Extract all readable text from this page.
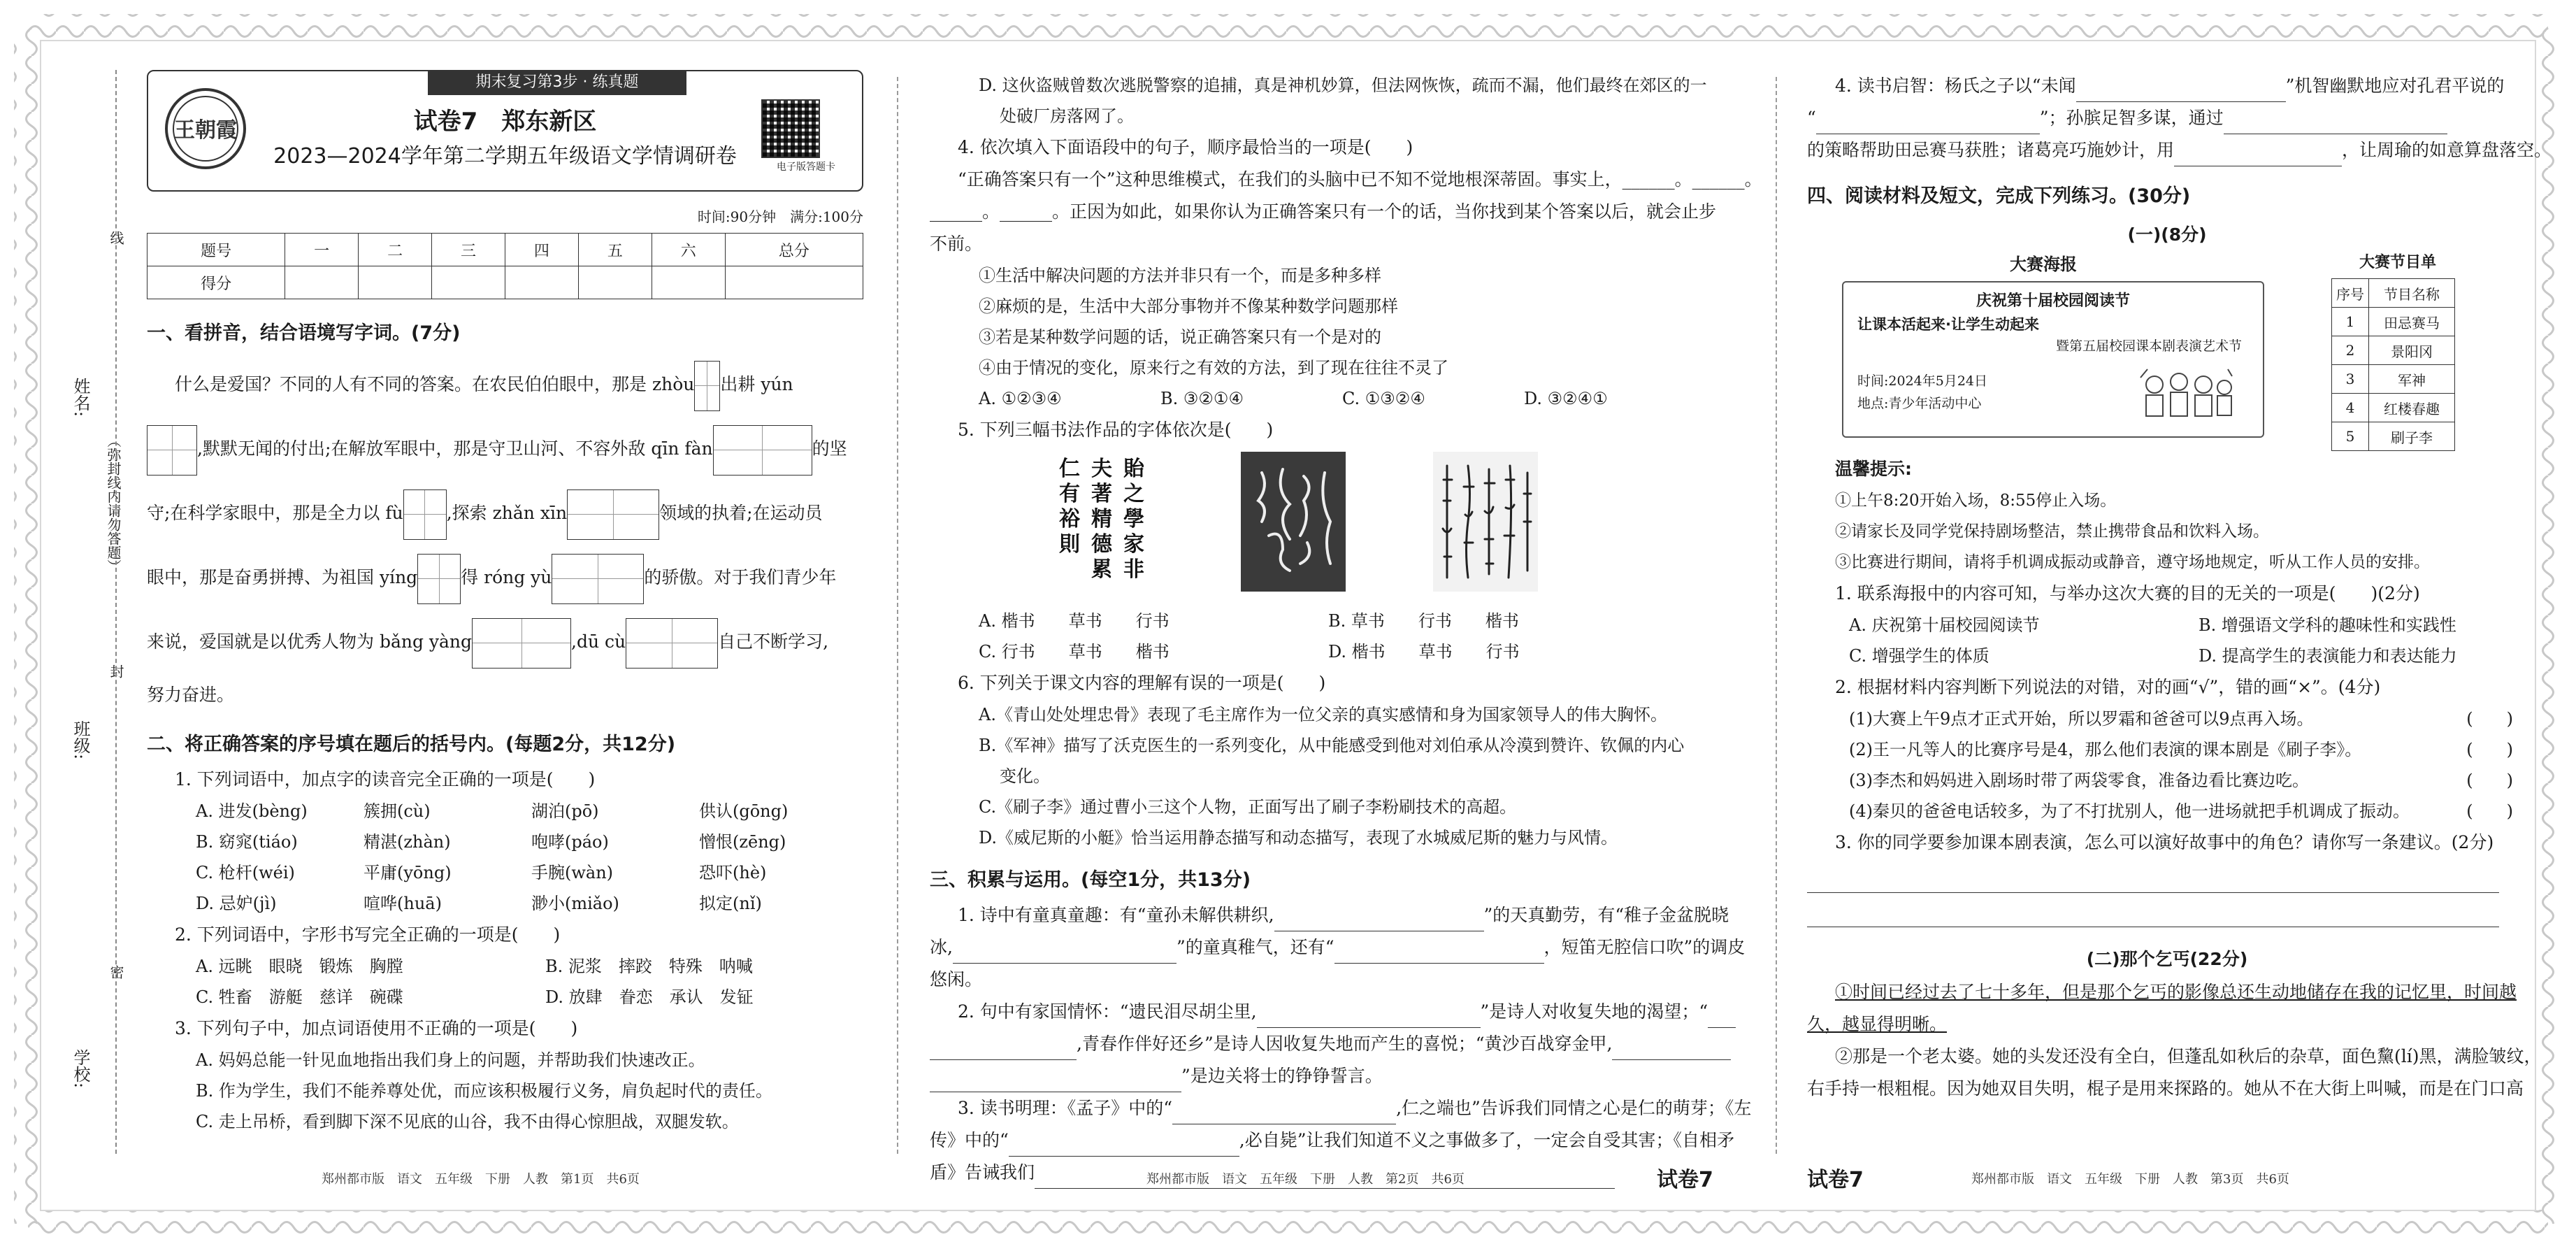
姓名:
班级:
学校:
（弥封线内请勿答题）
线
封
密
期末复习第3步 · 练真题
王朝霞	试卷7　郑东新区
2023—2024学年第二学期五年级语文学情调研卷	电子版答题卡
时间:90分钟　满分:100分
题号	一	二	三	四	五	六	总分
得分							
一、看拼音，结合语境写字词。(7分)
什么是爱国？不同的人有不同的答案。在农民伯伯眼中，那是 zhòu 出耕 yún
,默默无闻的付出;在解放军眼中，那是守卫山河、不容外敌 qīn fàn	的坚
守;在科学家眼中，那是全力以 fù ,探索 zhǎn xīn	领域的执着;在运动员
眼中，那是奋勇拼搏、为祖国 yíng 得 róng yù	的骄傲。对于我们青少年
来说，爱国就是以优秀人物为 bǎng yàng	,dū cù	自己不断学习,
努力奋进。
二、将正确答案的序号填在题后的括号内。(每题2分，共12分)
1. 下列词语中，加点字的读音完全正确的一项是(　　)
A. 进发(bèng)	簇拥(cù)	湖泊(pō)	供认(gōng)
B. 窈窕(tiáo)	精湛(zhàn)	咆哮(páo)	憎恨(zēng)
C. 枪杆(wéi)	平庸(yōng)	手腕(wàn)	恐吓(hè)
D. 忌妒(jì)	喧哗(huā)	渺小(miǎo)	拟定(nǐ)
2. 下列词语中，字形书写完全正确的一项是(　　)
A. 远眺　眼晓　锻炼　胸膛	B. 泥浆　摔跤　特殊　呐喊
C. 牲畜　游艇　慈详　碗碟	D. 放肆　眷恋　承认　发钲
3. 下列句子中，加点词语使用不正确的一项是(　　)
A. 妈妈总能一针见血地指出我们身上的问题，并帮助我们快速改正。
B. 作为学生，我们不能养尊处优，而应该积极履行义务，肩负起时代的责任。
C. 走上吊桥，看到脚下深不见底的山谷，我不由得心惊胆战，双腿发软。
郑州都市版　语文　五年级　下册　人教　第1页　共6页
D. 这伙盗贼曾数次逃脱警察的追捕，真是神机妙算，但法网恢恢，疏而不漏，他们最终在郊区的一
处破厂房落网了。
4. 依次填入下面语段中的句子，顺序最恰当的一项是(　　)
“正确答案只有一个”这种思维模式，在我们的头脑中已不知不觉地根深蒂固。事实上，______。______。
______。______。正因为如此，如果你认为正确答案只有一个的话，当你找到某个答案以后，就会止步
不前。
①生活中解决问题的方法并非只有一个，而是多种多样
②麻烦的是，生活中大部分事物并不像某种数学问题那样
③若是某种数学问题的话，说正确答案只有一个是对的
④由于情况的变化，原来行之有效的方法，到了现在往往不灵了
A. ①②③④	B. ③②①④	C. ①③②④	D. ③②④①
5. 下列三幅书法作品的字体依次是(　　)
貽
之
學
家
非
夫
著
精
德
累
仁
有
裕
則

A. 楷书　　草书　　行书	B. 草书　　行书　　楷书
C. 行书　　草书　　楷书	D. 楷书　　草书　　行书
6. 下列关于课文内容的理解有误的一项是(　　)
A.《青山处处埋忠骨》表现了毛主席作为一位父亲的真实感情和身为国家领导人的伟大胸怀。
B.《军神》描写了沃克医生的一系列变化，从中能感受到他对刘伯承从冷漠到赞许、钦佩的内心
变化。
C.《刷子李》通过曹小三这个人物，正面写出了刷子李粉刷技术的高超。
D.《威尼斯的小艇》恰当运用静态描写和动态描写，表现了水城威尼斯的魅力与风情。
三、积累与运用。(每空1分，共13分)
1. 诗中有童真童趣：有“童孙未解供耕织,	”的天真勤劳，有“稚子金盆脱晓
冰,	”的童真稚气，还有“	，短笛无腔信口吹”的调皮
悠闲。
2. 句中有家国情怀：“遗民泪尽胡尘里,	”是诗人对收复失地的渴望；“
,青春作伴好还乡”是诗人因收复失地而产生的喜悦；“黄沙百战穿金甲,
”是边关将士的铮铮誓言。
3. 读书明理：《孟子》中的“	,仁之端也”告诉我们同情之心是仁的萌芽；《左
传》中的“	,必自毙”让我们知道不义之事做多了，一定会自受其害；《自相矛
盾》告诫我们	郑州都市版　语文　五年级　下册　人教　第2页　共6页	试卷7	试卷7
4. 读书启智：杨氏之子以“未闻	”机智幽默地应对孔君平说的
“	”；孙膑足智多谋，通过
的策略帮助田忌赛马获胜；诸葛亮巧施妙计，用	，让周瑜的如意算盘落空。
四、阅读材料及短文，完成下列练习。(30分)
(一)(8分)
大赛海报
庆祝第十届校园阅读节
让课本活起来·让学生动起来
暨第五届校园课本剧表演艺术节
时间:2024年5月24日
地点:青少年活动中心
大赛节目单
序号	节目名称
1	田忌赛马
2	景阳冈
3	军神
4	红楼春趣
5	刷子李
温馨提示:
①上午8:20开始入场，8:55停止入场。
②请家长及同学党保持剧场整洁，禁止携带食品和饮料入场。
③比赛进行期间，请将手机调成振动或静音，遵守场地规定，听从工作人员的安排。
1. 联系海报中的内容可知，与举办这次大赛的目的无关的一项是(　　)(2分)
A. 庆祝第十届校园阅读节	B. 增强语文学科的趣味性和实践性
C. 增强学生的体质	D. 提高学生的表演能力和表达能力
2. 根据材料内容判断下列说法的对错，对的画“√”，错的画“×”。(4分)
(1)大赛上午9点才正式开始，所以罗霜和爸爸可以9点再入场。	(　　)
(2)王一凡等人的比赛序号是4，那么他们表演的课本剧是《刷子李》。	(　　)
(3)李杰和妈妈进入剧场时带了两袋零食，准备边看比赛边吃。	(　　)
(4)秦贝的爸爸电话较多，为了不打扰别人，他一进场就把手机调成了振动。	(　　)
3. 你的同学要参加课本剧表演，怎么可以演好故事中的角色？请你写一条建议。(2分)
(二)那个乞丐(22分)
①时间已经过去了七十多年，但是那个乞丐的影像总还生动地储存在我的记忆里，时间越
久，越显得明晰。
②那是一个老太婆。她的头发还没有全白，但蓬乱如秋后的杂草，面色黧(lí)黑，满脸皱纹，
右手持一根粗棍。因为她双目失明，棍子是用来探路的。她从不在大街上叫喊，而是在门口高
郑州都市版　语文　五年级　下册　人教　第3页　共6页
